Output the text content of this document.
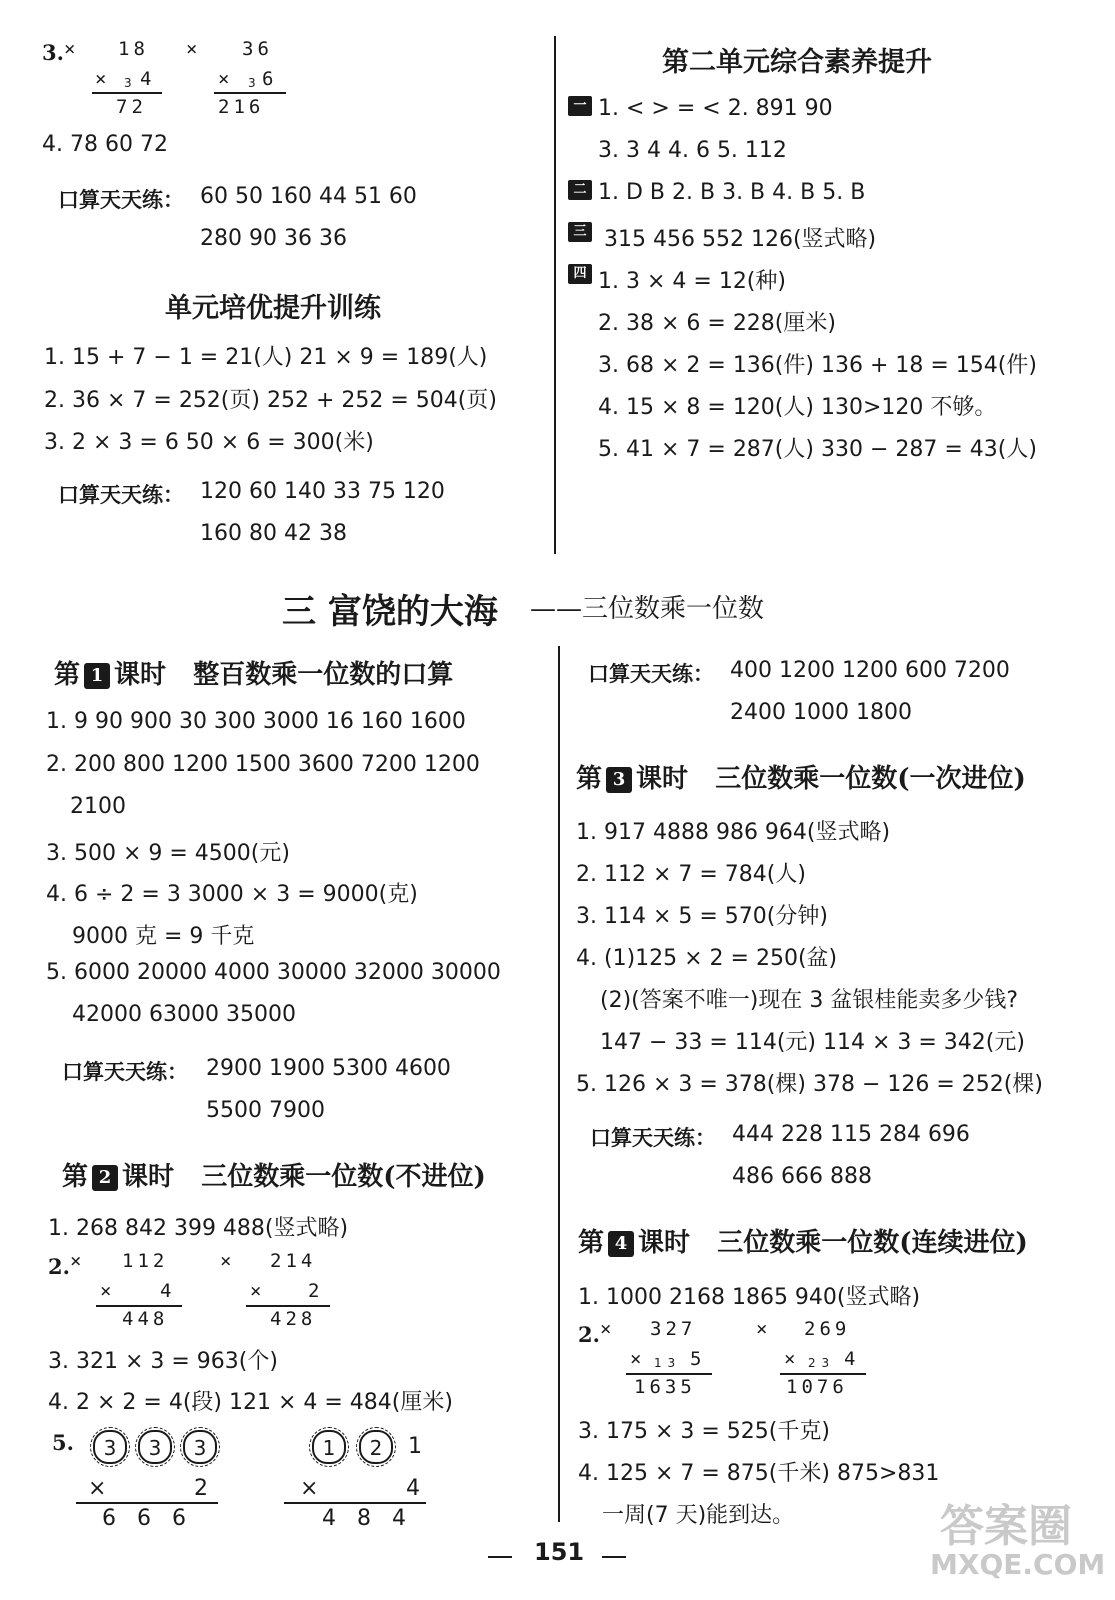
3. × 18
× 3 4
72
× 36
× 3 6
216
4. 78 60 72
口算天天练： 60 50 160 44 51 60
280 90 36 36
单元培优提升训练
1. 15 + 7 − 1 = 21(人) 21 × 9 = 189(人)
2. 36 × 7 = 252(页) 252 + 252 = 504(页)
3. 2 × 3 = 6 50 × 6 = 300(米)
口算天天练： 120 60 140 33 75 120
160 80 42 38
第二单元综合素养提升
一 1. < > = < 2. 891 90
3. 3 4 4. 6 5. 112
二 1. D B 2. B 3. B 4. B 5. B
三 315 456 552 126(竖式略)
四 1. 3 × 4 = 12(种)
2. 38 × 6 = 228(厘米)
3. 68 × 2 = 136(件) 136 + 18 = 154(件)
4. 15 × 8 = 120(人) 130>120 不够。
5. 41 × 7 = 287(人) 330 − 287 = 43(人)
三 富饶的大海 ——三位数乘一位数
第 1 课时 整百数乘一位数的口算
1. 9 90 900 30 300 3000 16 160 1600
2. 200 800 1200 1500 3600 7200 1200
2100
3. 500 × 9 = 4500(元)
4. 6 ÷ 2 = 3 3000 × 3 = 9000(克)
9000 克 = 9 千克
5. 6000 20000 4000 30000 32000 30000
42000 63000 35000
口算天天练： 2900 1900 5300 4600
5500 7900
第 2 课时 三位数乘一位数(不进位)
1. 268 842 399 488(竖式略)
2. × 112
× 4
448
× 214
× 2
428
3. 321 × 3 = 963(个)
4. 2 × 2 = 4(段) 121 × 4 = 484(厘米)
5.	3	3	3
×	2
6   6   6
1	2	1
×	4
4   8   4
口算天天练： 400 1200 1200 600 7200
2400 1000 1800
第 3 课时 三位数乘一位数(一次进位)
1. 917 4888 986 964(竖式略)
2. 112 × 7 = 784(人)
3. 114 × 5 = 570(分钟)
4. (1)125 × 2 = 250(盆)
(2)(答案不唯一)现在 3 盆银桂能卖多少钱?
147 − 33 = 114(元) 114 × 3 = 342(元)
5. 126 × 3 = 378(棵) 378 − 126 = 252(棵)
口算天天练： 444 228 115 284 696
486 666 888
第 4 课时 三位数乘一位数(连续进位)
1. 1000 2168 1865 940(竖式略)
2. × 327
× 1 3 5
1635
× 269
× 2 3 4
1076
3. 175 × 3 = 525(千克)
4. 125 × 7 = 875(千米) 875>831
一周(7 天)能到达。
151	答案圈
MXQE.COM
